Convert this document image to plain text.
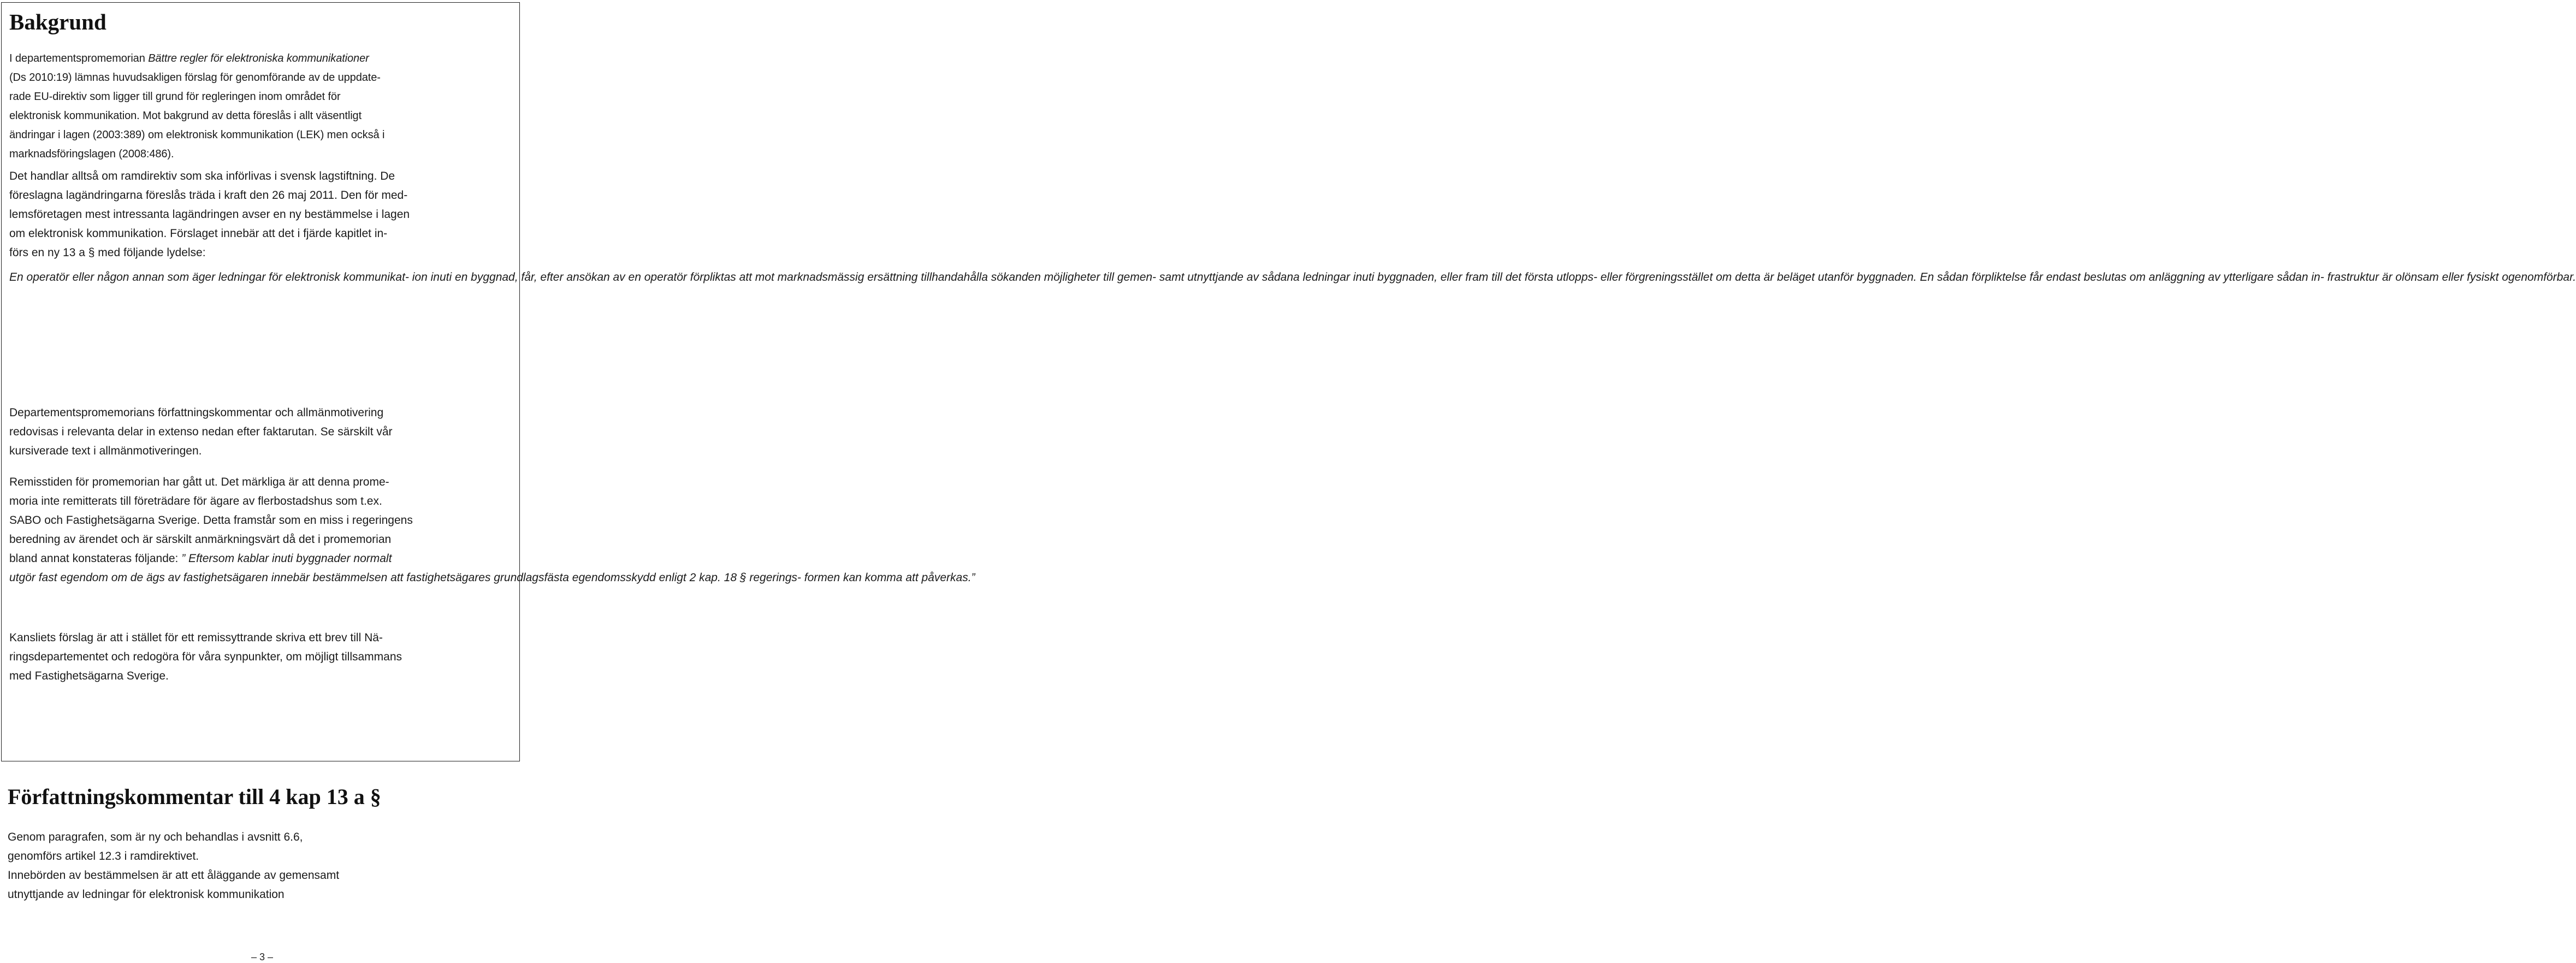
Bakgrund

I departementspromemorian Bättre regler för elektroniska kommunikationer
(Ds 2010:19) lämnas huvudsakligen förslag för genomförande av de uppdate-
rade EU-direktiv som ligger till grund för regleringen inom området för
elektronisk kommunikation. Mot bakgrund av detta föreslås i allt väsentligt
ändringar i lagen (2003:389) om elektronisk kommunikation (LEK) men också i
marknadsföringslagen (2008:486).

Det handlar alltså om ramdirektiv som ska införlivas i svensk lagstiftning. De
föreslagna lagändringarna föreslås träda i kraft den 26 maj 2011. Den för med-
lemsföretagen mest intressanta lagändringen avser en ny bestämmelse i lagen
om elektronisk kommunikation. Förslaget innebär att det i fjärde kapitlet in-
förs en ny 13 a § med följande lydelse:

En operatör eller någon annan som äger ledningar för elektronisk kommunikat- ion inuti en byggnad, får, efter ansökan av en operatör förpliktas att mot marknadsmässig ersättning tillhandahålla sökanden möjligheter till gemen- samt utnyttjande av sådana ledningar inuti byggnaden, eller fram till det första utlopps- eller förgreningsstället om detta är beläget utanför byggnaden. En sådan förpliktelse får endast beslutas om anläggning av ytterligare sådan in- frastruktur är olönsam eller fysiskt ogenomförbar.

Departementspromemorians författningskommentar och allmänmotivering
redovisas i relevanta delar in extenso nedan efter faktarutan. Se särskilt vår
kursiverade text i allmänmotiveringen.

Remisstiden för promemorian har gått ut. Det märkliga är att denna prome-
moria inte remitterats till företrädare för ägare av flerbostadshus som t.ex.
SABO och Fastighetsägarna Sverige. Detta framstår som en miss i regeringens
beredning av ärendet och är särskilt anmärkningsvärt då det i promemorian
bland annat konstateras följande: ” Eftersom kablar inuti byggnader normalt
utgör fast egendom om de ägs av fastighetsägaren innebär bestämmelsen att fastighetsägares grundlagsfästa egendomsskydd enligt 2 kap. 18 § regerings- formen kan komma att påverkas.”

Kansliets förslag är att i stället för ett remissyttrande skriva ett brev till Nä-
ringsdepartementet och redogöra för våra synpunkter, om möjligt tillsammans
med Fastighetsägarna Sverige.

Författningskommentar till 4 kap 13 a §

Genom paragrafen, som är ny och behandlas i avsnitt 6.6,
genomförs artikel 12.3 i ramdirektivet.
Innebörden av bestämmelsen är att ett åläggande av gemensamt
utnyttjande av ledningar för elektronisk kommunikation

– 3 –
